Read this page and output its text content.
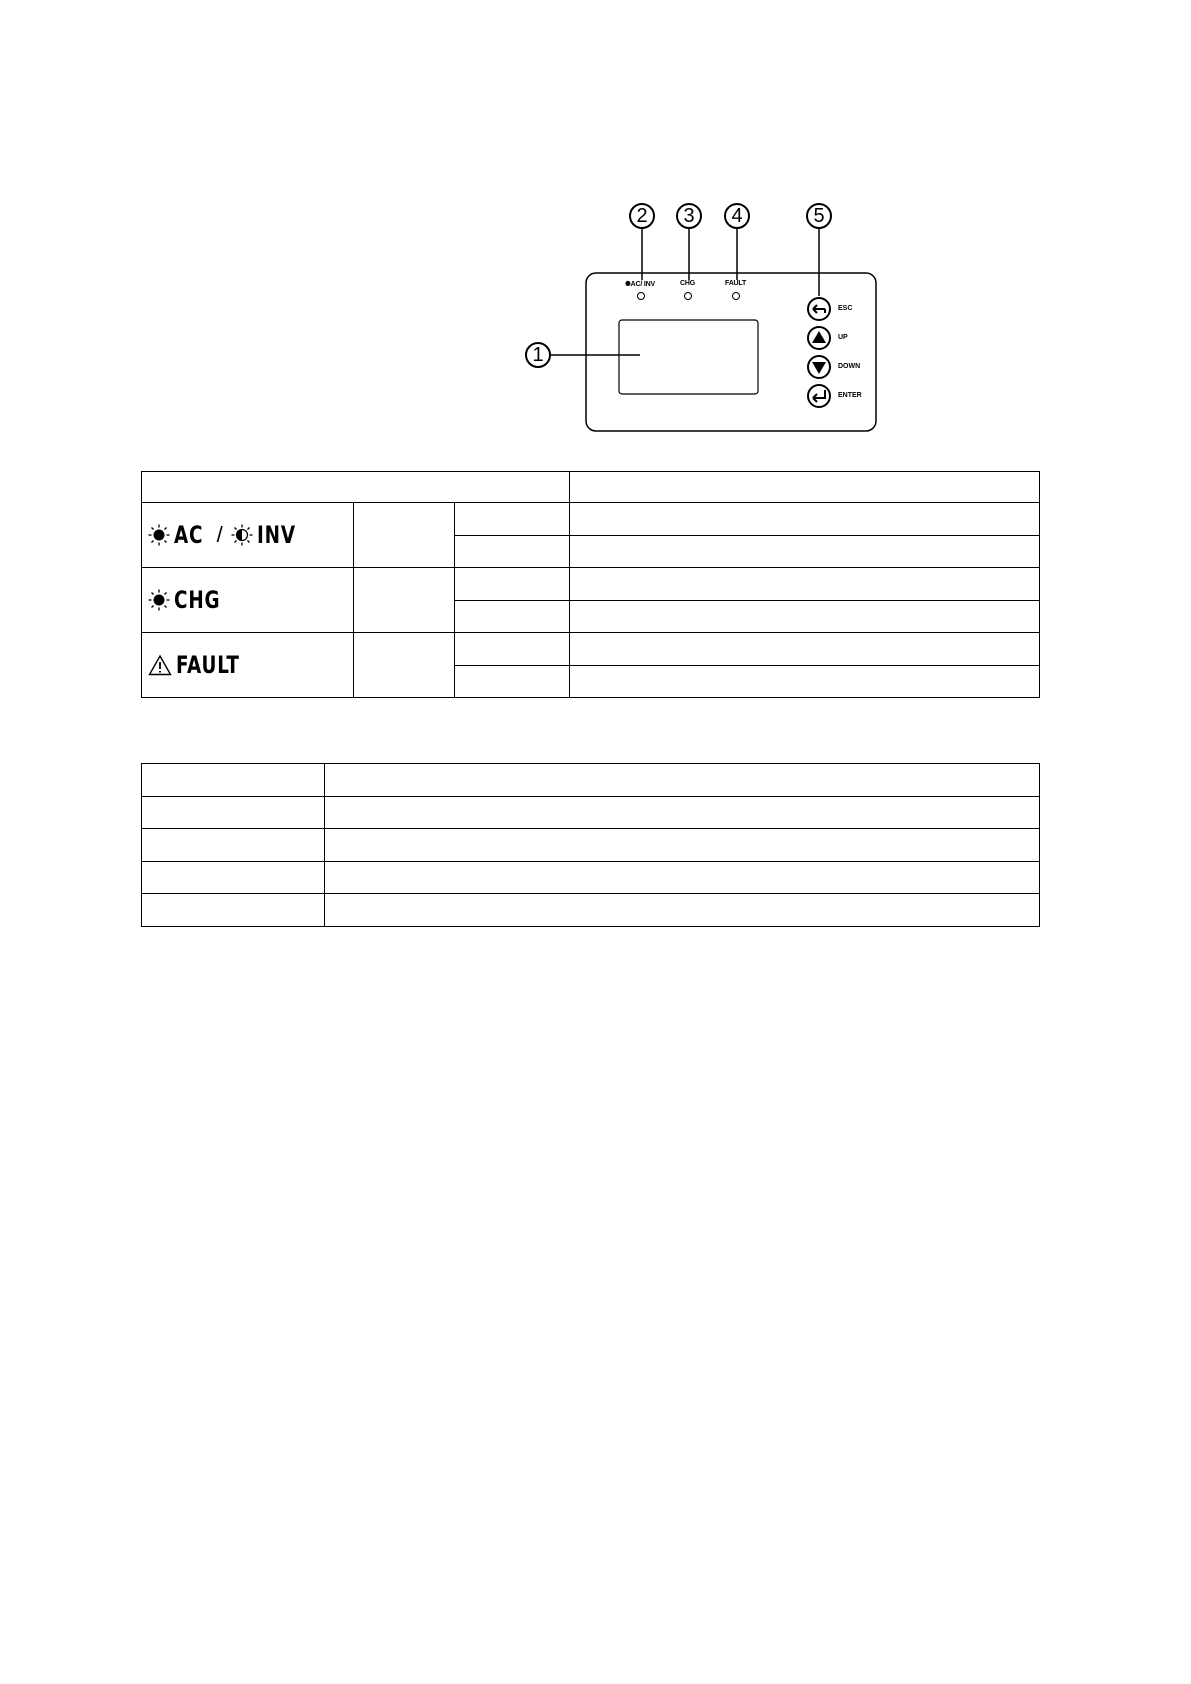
2	3	4	5
1
✺AC/ INV	CHG	FAULT
ESC
UP
DOWN
ENTER

AC / INV			

CHG			

FAULT			
